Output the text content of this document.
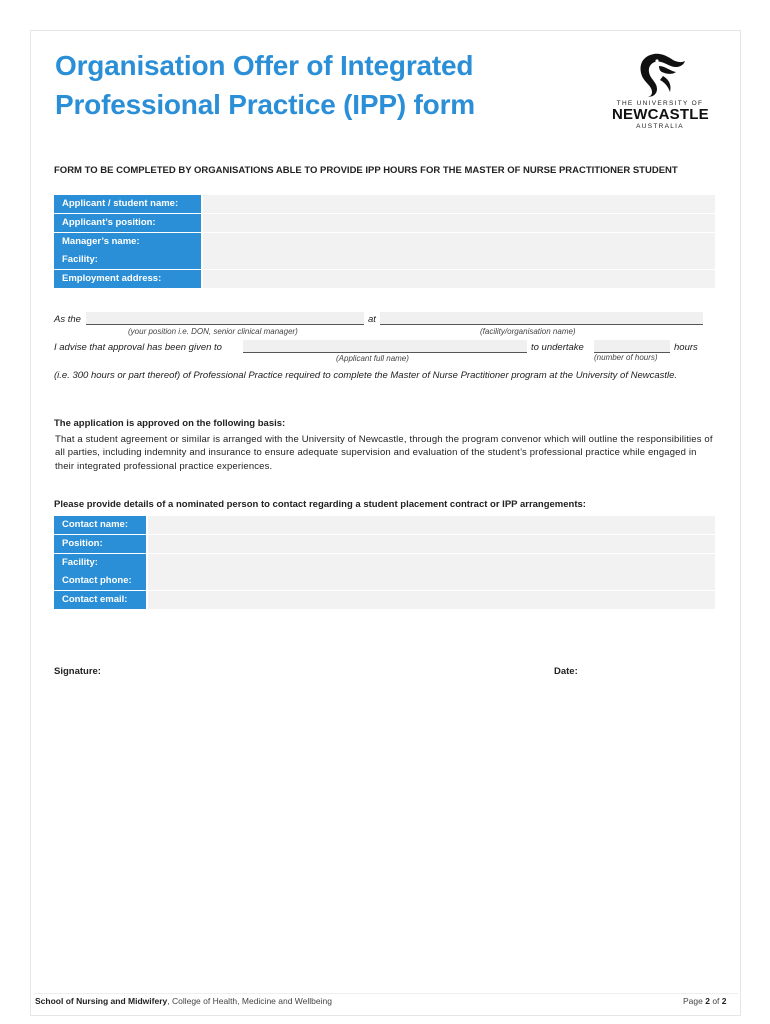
Organisation Offer of Integrated
Professional Practice (IPP) form	THE UNIVERSITY OF
NEWCASTLE
AUSTRALIA
FORM TO BE COMPLETED BY ORGANISATIONS ABLE TO PROVIDE IPP HOURS FOR THE MASTER OF NURSE PRACTITIONER STUDENT
Applicant / student name:
Applicant’s position:
Manager’s name:
Facility:
Employment address:
As the	at
(your position i.e. DON, senior clinical manager)	(facility/organisation name)
I advise that approval has been given to	to undertake	hours
(Applicant full name)	(number of hours)
(i.e. 300 hours or part thereof) of Professional Practice required to complete the Master of Nurse Practitioner program at the University of Newcastle.
The application is approved on the following basis:
That a student agreement or similar is arranged with the University of Newcastle, through the program convenor which will outline the responsibilities of all parties, including indemnity and insurance to ensure adequate supervision and evaluation of the student’s professional practice while engaged in their integrated professional practice experiences.
Please provide details of a nominated person to contact regarding a student placement contract or IPP arrangements:
Contact name:
Position:
Facility:
Contact phone:
Contact email:
Signature:	Date:
School of Nursing and Midwifery, College of Health, Medicine and Wellbeing	Page 2 of 2
